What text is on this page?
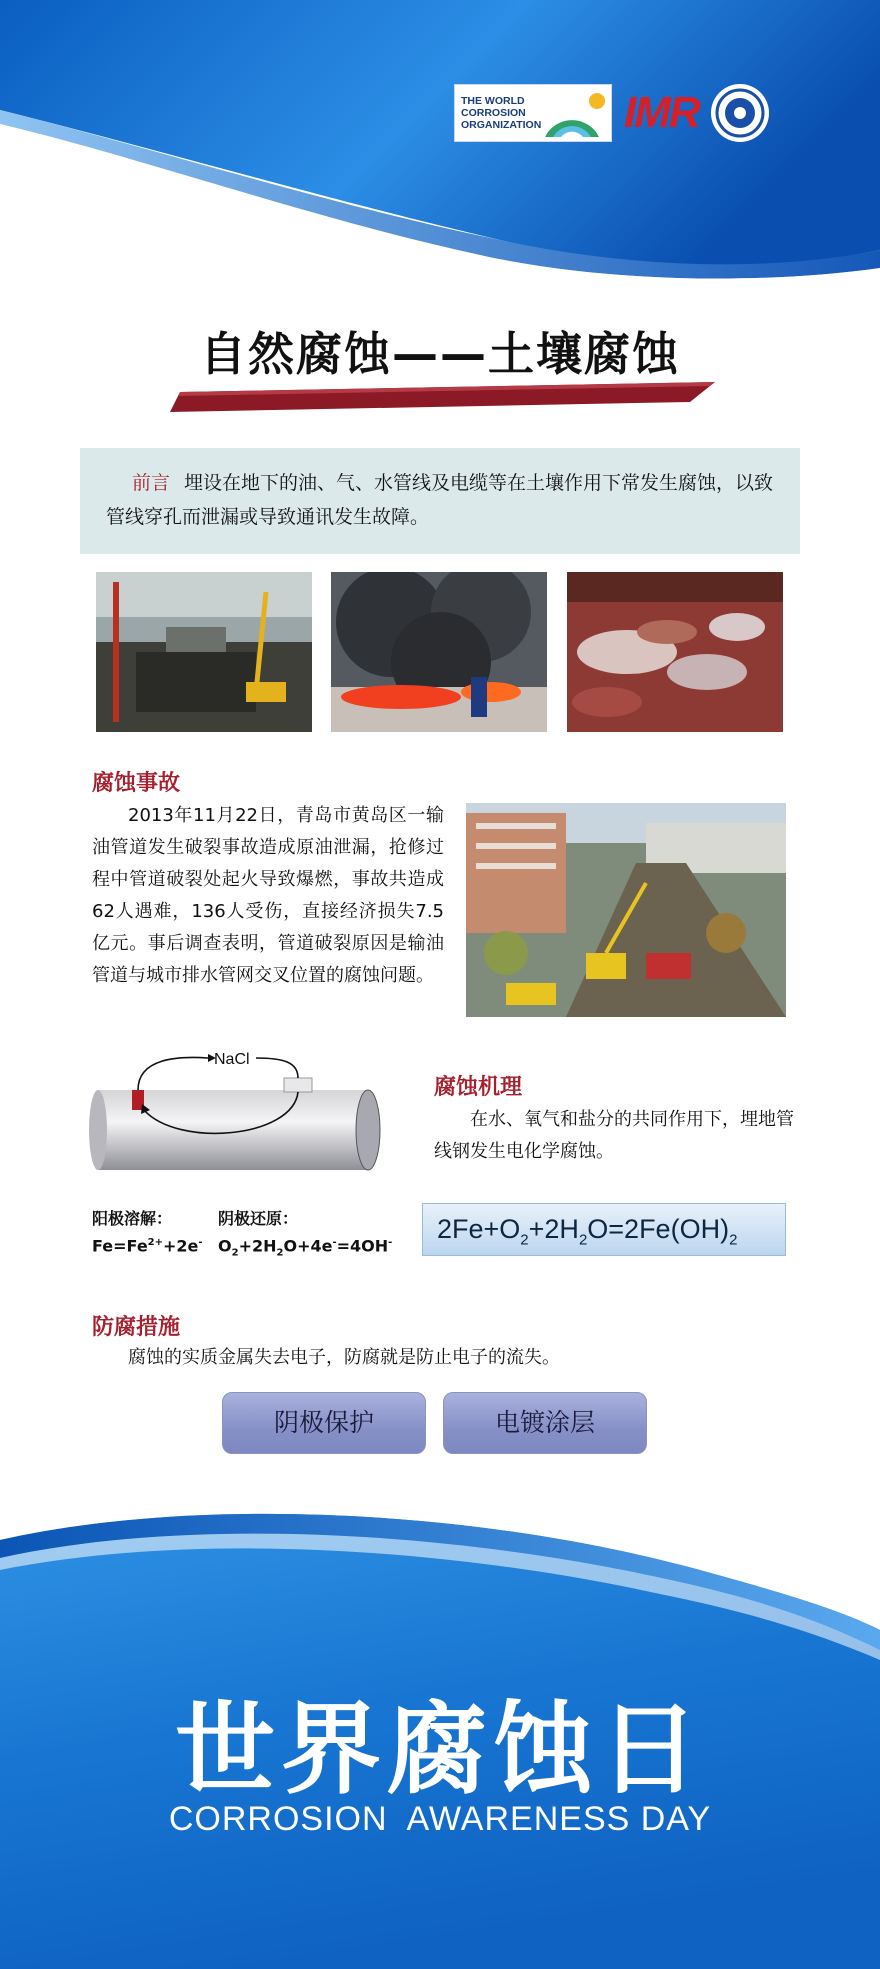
THE WORLD CORROSION ORGANIZATION IMR
自然腐蚀——土壤腐蚀
前言 埋设在地下的油、气、水管线及电缆等在土壤作用下常发生腐蚀，以致管线穿孔而泄漏或导致通讯发生故障。
腐蚀事故
2013年11月22日，青岛市黄岛区一输油管道发生破裂事故造成原油泄漏，抢修过程中管道破裂处起火导致爆燃，事故共造成62人遇难，136人受伤，直接经济损失7.5亿元。事后调查表明，管道破裂原因是输油管道与城市排水管网交叉位置的腐蚀问题。
NaCl
腐蚀机理
在水、氧气和盐分的共同作用下，埋地管线钢发生电化学腐蚀。
阳极溶解：
$Fe=Fe^{2+}+2e^-$
阴极还原：
$O_2+2H_2O+4e^-=4OH^-$	$2Fe+O_2+2H_2O=2Fe(OH)_2$
防腐措施
腐蚀的实质金属失去电子，防腐就是防止电子的流失。
阴极保护	电镀涂层
世界腐蚀日
CORROSION  AWARENESS DAY
